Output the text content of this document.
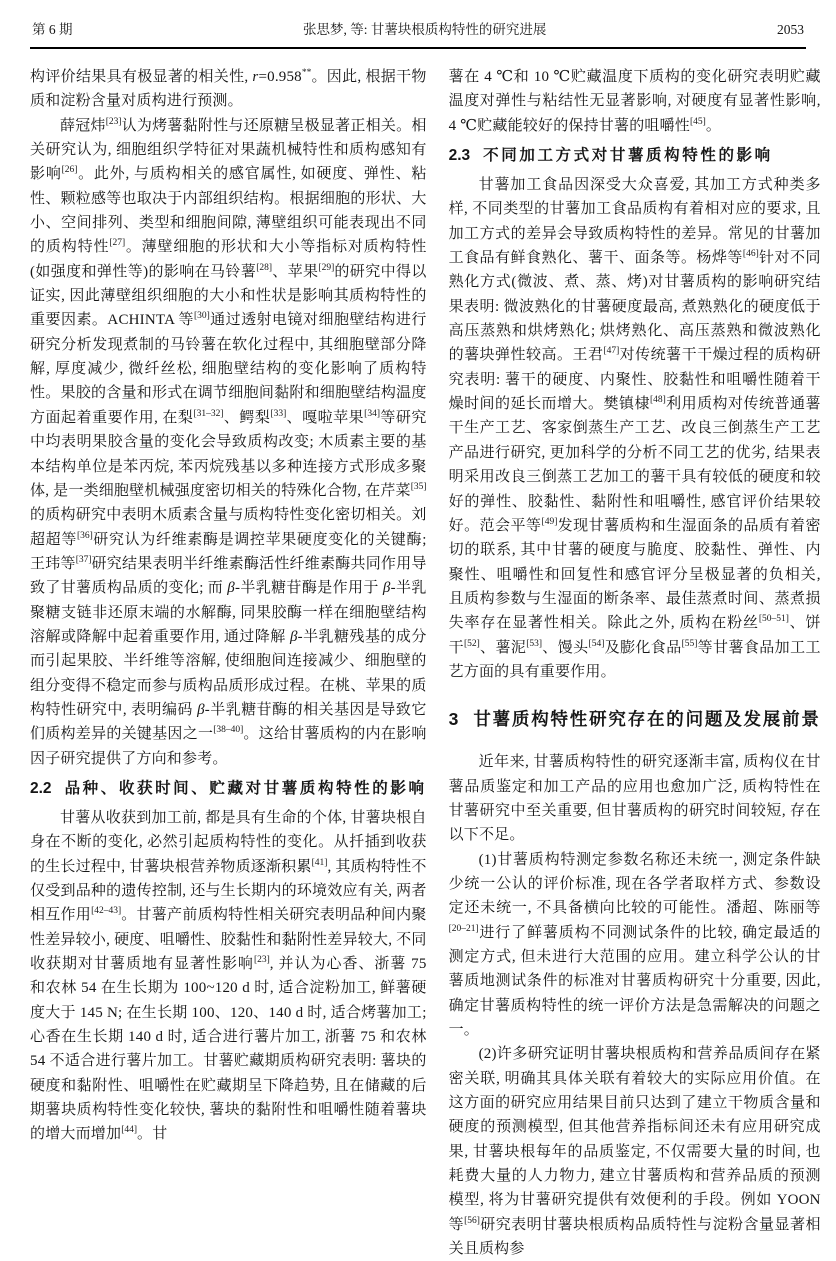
第 6 期	张思梦, 等: 甘薯块根质构特性的研究进展	2053

构评价结果具有极显著的相关性, r=0.958**。因此, 根据干物质和淀粉含量对质构进行预测。

薛冠炜[23]认为烤薯黏附性与还原糖呈极显著正相关。相关研究认为, 细胞组织学特征对果蔬机械特性和质构感知有影响[26]。此外, 与质构相关的感官属性, 如硬度、弹性、粘性、颗粒感等也取决于内部组织结构。根据细胞的形状、大小、空间排列、类型和细胞间隙, 薄壁组织可能表现出不同的质构特性[27]。薄壁细胞的形状和大小等指标对质构特性(如强度和弹性等)的影响在马铃薯[28]、苹果[29]的研究中得以证实, 因此薄壁组织细胞的大小和性状是影响其质构特性的重要因素。ACHINTA 等[30]通过透射电镜对细胞壁结构进行研究分析发现煮制的马铃薯在软化过程中, 其细胞壁部分降解, 厚度减少, 微纤丝松, 细胞壁结构的变化影响了质构特性。果胶的含量和形式在调节细胞间黏附和细胞壁结构温度方面起着重要作用, 在梨[31–32]、鳄梨[33]、嘎啦苹果[34]等研究中均表明果胶含量的变化会导致质构改变; 木质素主要的基本结构单位是苯丙烷, 苯丙烷残基以多种连接方式形成多聚体, 是一类细胞壁机械强度密切相关的特殊化合物, 在芹菜[35]的质构研究中表明木质素含量与质构特性变化密切相关。刘超超等[36]研究认为纤维素酶是调控苹果硬度变化的关键酶; 王玮等[37]研究结果表明半纤维素酶活性纤维素酶共同作用导致了甘薯质构品质的变化; 而 β-半乳糖苷酶是作用于 β-半乳聚糖支链非还原末端的水解酶, 同果胶酶一样在细胞壁结构溶解或降解中起着重要作用, 通过降解 β-半乳糖残基的成分而引起果胶、半纤维等溶解, 使细胞间连接减少、细胞壁的组分变得不稳定而参与质构品质形成过程。在桃、苹果的质构特性研究中, 表明编码 β-半乳糖苷酶的相关基因是导致它们质构差异的关键基因之一[38–40]。这给甘薯质构的内在影响因子研究提供了方向和参考。

2.2 品种、收获时间、贮藏对甘薯质构特性的影响

甘薯从收获到加工前, 都是具有生命的个体, 甘薯块根自身在不断的变化, 必然引起质构特性的变化。从扦插到收获的生长过程中, 甘薯块根营养物质逐渐积累[41], 其质构特性不仅受到品种的遗传控制, 还与生长期内的环境效应有关, 两者相互作用[42–43]。甘薯产前质构特性相关研究表明品种间内聚性差异较小, 硬度、咀嚼性、胶黏性和黏附性差异较大, 不同收获期对甘薯质地有显著性影响[23], 并认为心香、浙薯 75 和农林 54 在生长期为 100~120 d 时, 适合淀粉加工, 鲜薯硬度大于 145 N; 在生长期 100、120、140 d 时, 适合烤薯加工; 心香在生长期 140 d 时, 适合进行薯片加工, 浙薯 75 和农林 54 不适合进行薯片加工。甘薯贮藏期质构研究表明: 薯块的硬度和黏附性、咀嚼性在贮藏期呈下降趋势, 且在储藏的后期薯块质构特性变化较快, 薯块的黏附性和咀嚼性随着薯块的增大而增加[44]。甘

薯在 4 ℃和 10 ℃贮藏温度下质构的变化研究表明贮藏温度对弹性与粘结性无显著影响, 对硬度有显著性影响, 4 ℃贮藏能较好的保持甘薯的咀嚼性[45]。

2.3 不同加工方式对甘薯质构特性的影响

甘薯加工食品因深受大众喜爱, 其加工方式种类多样, 不同类型的甘薯加工食品质构有着相对应的要求, 且加工方式的差异会导致质构特性的差异。常见的甘薯加工食品有鲜食熟化、薯干、面条等。杨烨等[46]针对不同熟化方式(微波、煮、蒸、烤)对甘薯质构的影响研究结果表明: 微波熟化的甘薯硬度最高, 煮熟熟化的硬度低于高压蒸熟和烘烤熟化; 烘烤熟化、高压蒸熟和微波熟化的薯块弹性较高。王君[47]对传统薯干干燥过程的质构研究表明: 薯干的硬度、内聚性、胶黏性和咀嚼性随着干燥时间的延长而增大。樊镇棣[48]利用质构对传统普通薯干生产工艺、客家倒蒸生产工艺、改良三倒蒸生产工艺产品进行研究, 更加科学的分析不同工艺的优劣, 结果表明采用改良三倒蒸工艺加工的薯干具有较低的硬度和较好的弹性、胶黏性、黏附性和咀嚼性, 感官评价结果较好。范会平等[49]发现甘薯质构和生湿面条的品质有着密切的联系, 其中甘薯的硬度与脆度、胶黏性、弹性、内聚性、咀嚼性和回复性和感官评分呈极显著的负相关, 且质构参数与生湿面的断条率、最佳蒸煮时间、蒸煮损失率存在显著性相关。除此之外, 质构在粉丝[50–51]、饼干[52]、薯泥[53]、馒头[54]及膨化食品[55]等甘薯食品加工工艺方面的具有重要作用。

3 甘薯质构特性研究存在的问题及发展前景

近年来, 甘薯质构特性的研究逐渐丰富, 质构仪在甘薯品质鉴定和加工产品的应用也愈加广泛, 质构特性在甘薯研究中至关重要, 但甘薯质构的研究时间较短, 存在以下不足。

(1)甘薯质构特测定参数名称还未统一, 测定条件缺少统一公认的评价标准, 现在各学者取样方式、参数设定还未统一, 不具备横向比较的可能性。潘超、陈丽等[20–21]进行了鲜薯质构不同测试条件的比较, 确定最适的测定方式, 但未进行大范围的应用。建立科学公认的甘薯质地测试条件的标准对甘薯质构研究十分重要, 因此, 确定甘薯质构特性的统一评价方法是急需解决的问题之一。

(2)许多研究证明甘薯块根质构和营养品质间存在紧密关联, 明确其具体关联有着较大的实际应用价值。在这方面的研究应用结果目前只达到了建立干物质含量和硬度的预测模型, 但其他营养指标间还未有应用研究成果, 甘薯块根每年的品质鉴定, 不仅需要大量的时间, 也耗费大量的人力物力, 建立甘薯质构和营养品质的预测模型, 将为甘薯研究提供有效便利的手段。例如 YOON 等[56]研究表明甘薯块根质构品质特性与淀粉含量显著相关且质构参
